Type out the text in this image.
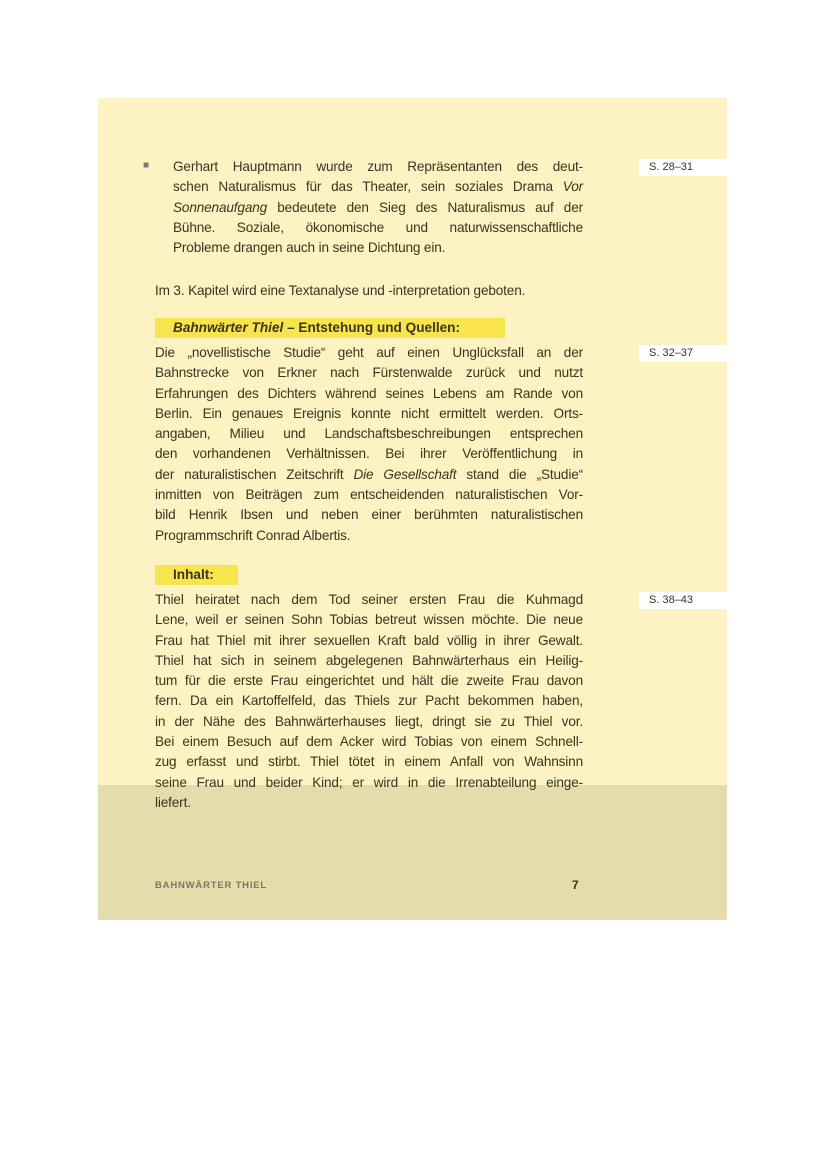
■ Gerhart Hauptmann wurde zum Repräsentanten des deut-
schen Naturalismus für das Theater, sein soziales Drama Vor
Sonnenaufgang bedeutete den Sieg des Naturalismus auf der
Bühne. Soziale, ökonomische und naturwissenschaftliche
Probleme drangen auch in seine Dichtung ein.
Im 3. Kapitel wird eine Textanalyse und -interpretation geboten.
Bahnwärter Thiel – Entstehung und Quellen:
Die „novellistische Studie“ geht auf einen Unglücksfall an der
Bahnstrecke von Erkner nach Fürstenwalde zurück und nutzt
Erfahrungen des Dichters während seines Lebens am Rande von
Berlin. Ein genaues Ereignis konnte nicht ermittelt werden. Orts-
angaben, Milieu und Landschaftsbeschreibungen entsprechen
den vorhandenen Verhältnissen. Bei ihrer Veröffentlichung in
der naturalistischen Zeitschrift Die Gesellschaft stand die „Studie“
inmitten von Beiträgen zum entscheidenden naturalistischen Vor-
bild Henrik Ibsen und neben einer berühmten naturalistischen
Programmschrift Conrad Albertis.
Inhalt:
Thiel heiratet nach dem Tod seiner ersten Frau die Kuhmagd
Lene, weil er seinen Sohn Tobias betreut wissen möchte. Die neue
Frau hat Thiel mit ihrer sexuellen Kraft bald völlig in ihrer Gewalt.
Thiel hat sich in seinem abgelegenen Bahnwärterhaus ein Heilig-
tum für die erste Frau eingerichtet und hält die zweite Frau davon
fern. Da ein Kartoffelfeld, das Thiels zur Pacht bekommen haben,
in der Nähe des Bahnwärterhauses liegt, dringt sie zu Thiel vor.
Bei einem Besuch auf dem Acker wird Tobias von einem Schnell-
zug erfasst und stirbt. Thiel tötet in einem Anfall von Wahnsinn
seine Frau und beider Kind; er wird in die Irrenabteilung einge-
liefert.
S. 28–31
S. 32–37
S. 38–43
BAHNWÄRTER THIEL	7
